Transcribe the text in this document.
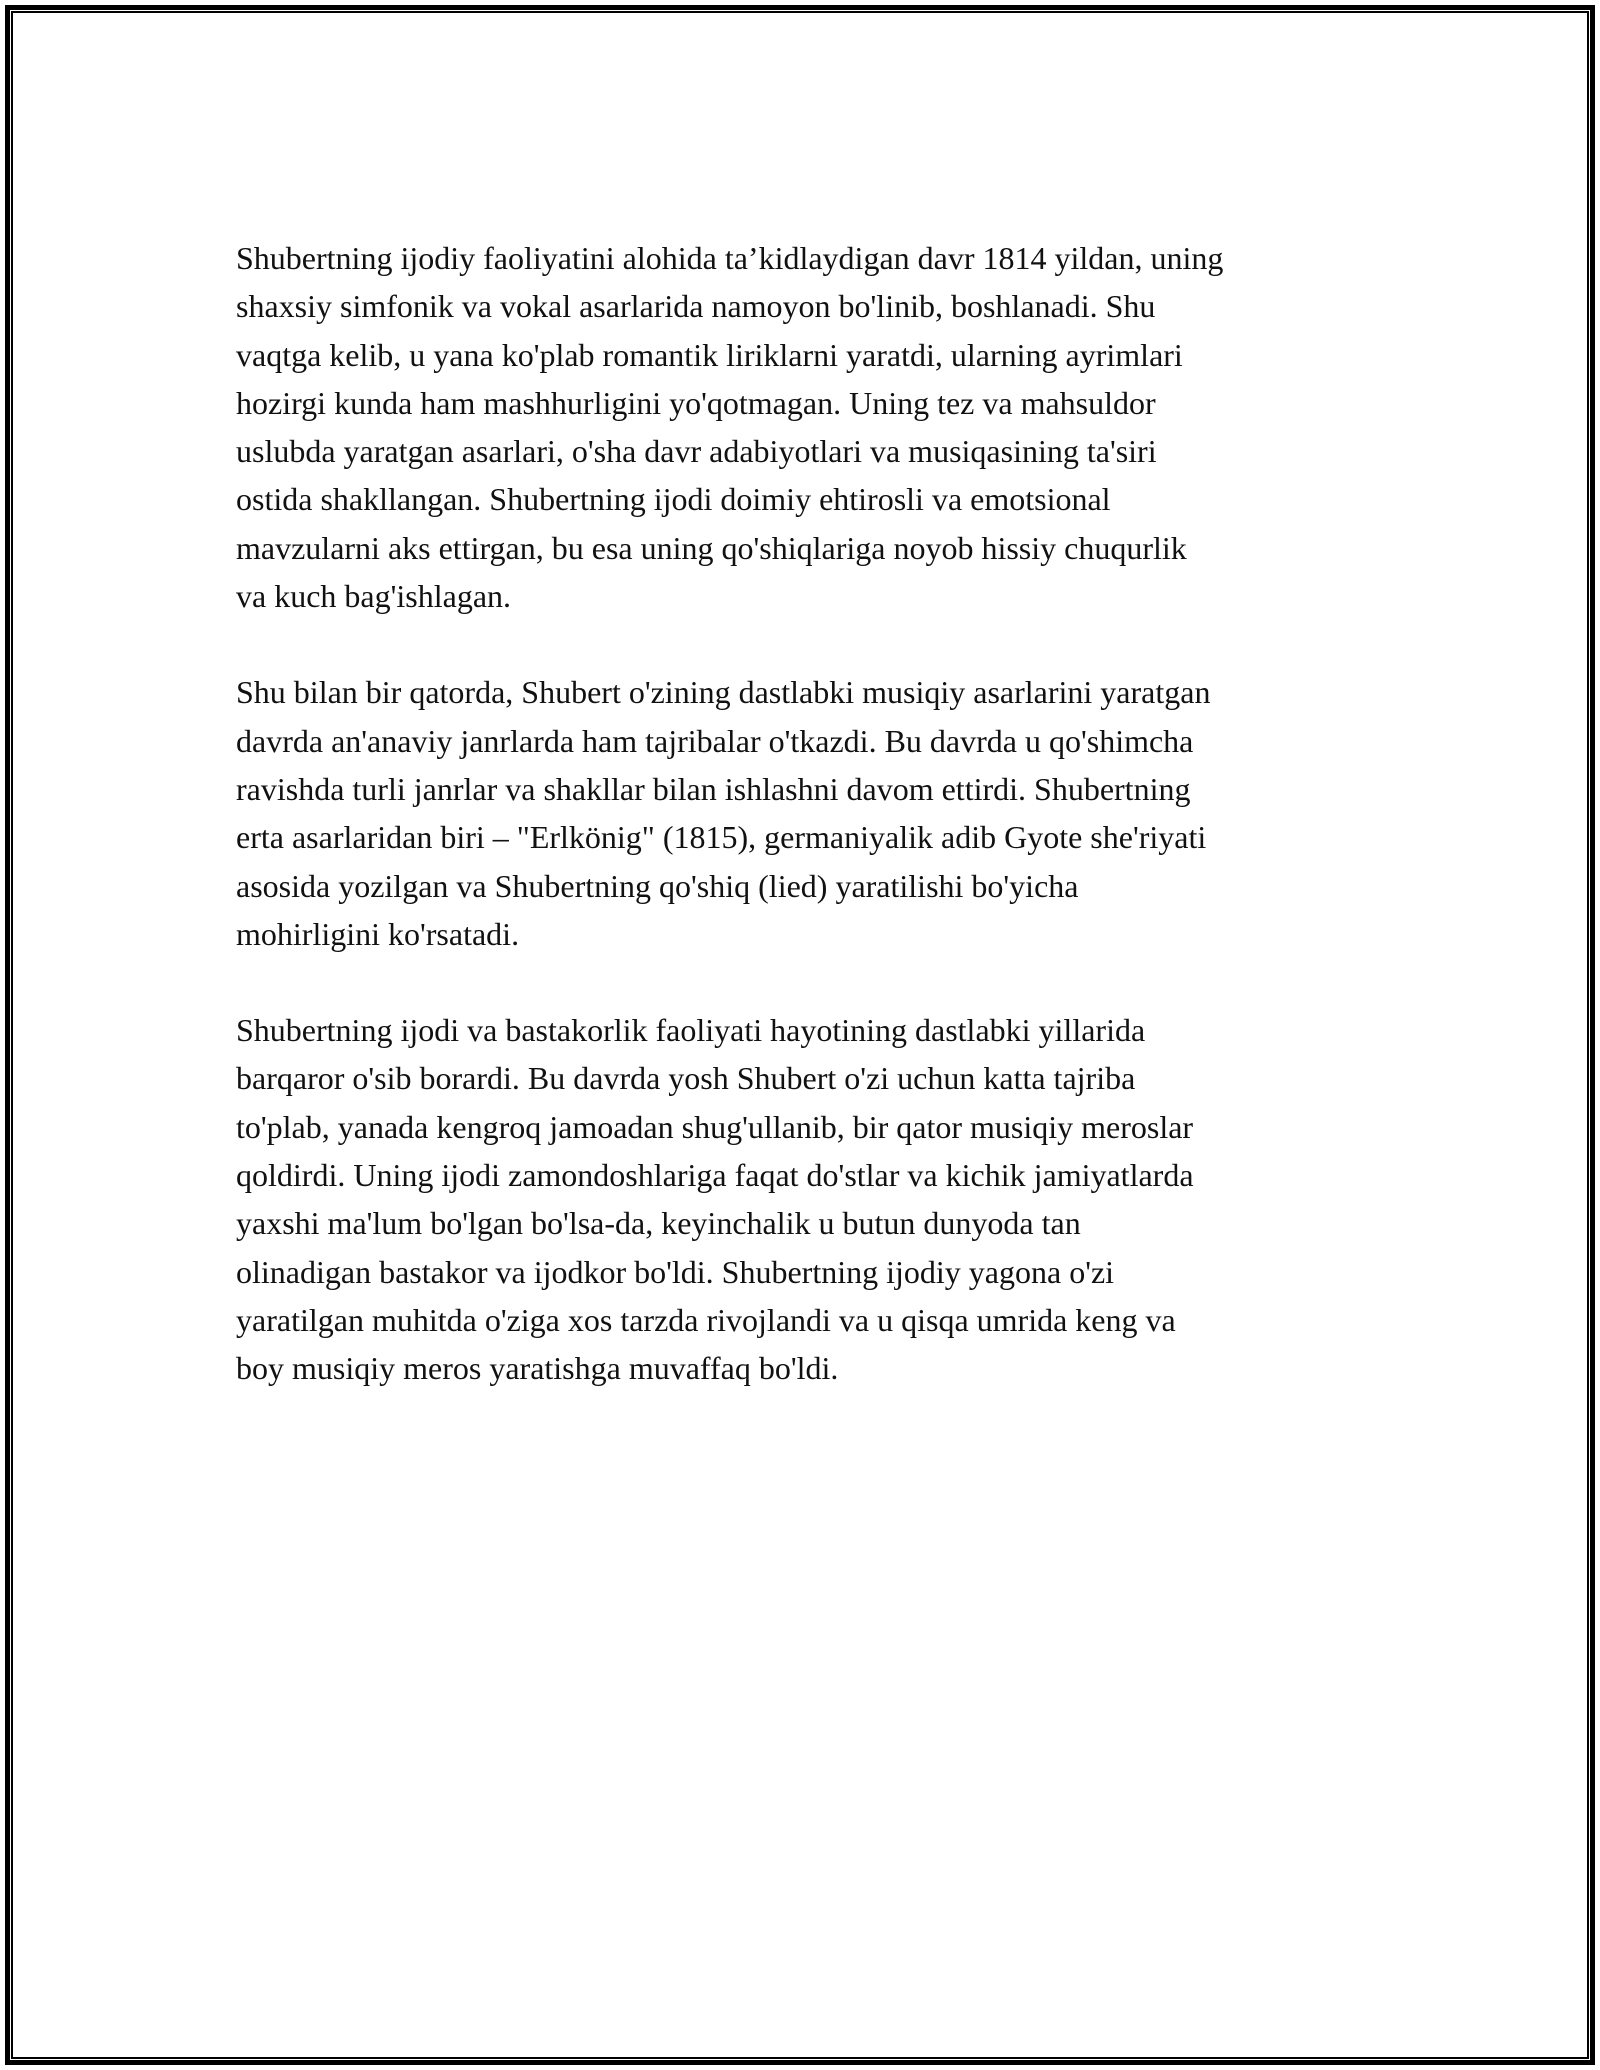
Shubertning ijodiy faoliyatini alohida ta’kidlaydigan davr 1814 yildan, uning
shaxsiy simfonik va vokal asarlarida namoyon bo'linib, boshlanadi. Shu
vaqtga kelib, u yana ko'plab romantik liriklarni yaratdi, ularning ayrimlari
hozirgi kunda ham mashhurligini yo'qotmagan. Uning tez va mahsuldor
uslubda yaratgan asarlari, o'sha davr adabiyotlari va musiqasining ta'siri
ostida shakllangan. Shubertning ijodi doimiy ehtirosli va emotsional
mavzularni aks ettirgan, bu esa uning qo'shiqlariga noyob hissiy chuqurlik
va kuch bag'ishlagan.

Shu bilan bir qatorda, Shubert o'zining dastlabki musiqiy asarlarini yaratgan
davrda an'anaviy janrlarda ham tajribalar o'tkazdi. Bu davrda u qo'shimcha
ravishda turli janrlar va shakllar bilan ishlashni davom ettirdi. Shubertning
erta asarlaridan biri – "Erlkönig" (1815), germaniyalik adib Gyote she'riyati
asosida yozilgan va Shubertning qo'shiq (lied) yaratilishi bo'yicha
mohirligini ko'rsatadi.

Shubertning ijodi va bastakorlik faoliyati hayotining dastlabki yillarida
barqaror o'sib borardi. Bu davrda yosh Shubert o'zi uchun katta tajriba
to'plab, yanada kengroq jamoadan shug'ullanib, bir qator musiqiy meroslar
qoldirdi. Uning ijodi zamondoshlariga faqat do'stlar va kichik jamiyatlarda
yaxshi ma'lum bo'lgan bo'lsa-da, keyinchalik u butun dunyoda tan
olinadigan bastakor va ijodkor bo'ldi. Shubertning ijodiy yagona o'zi
yaratilgan muhitda o'ziga xos tarzda rivojlandi va u qisqa umrida keng va
boy musiqiy meros yaratishga muvaffaq bo'ldi.
